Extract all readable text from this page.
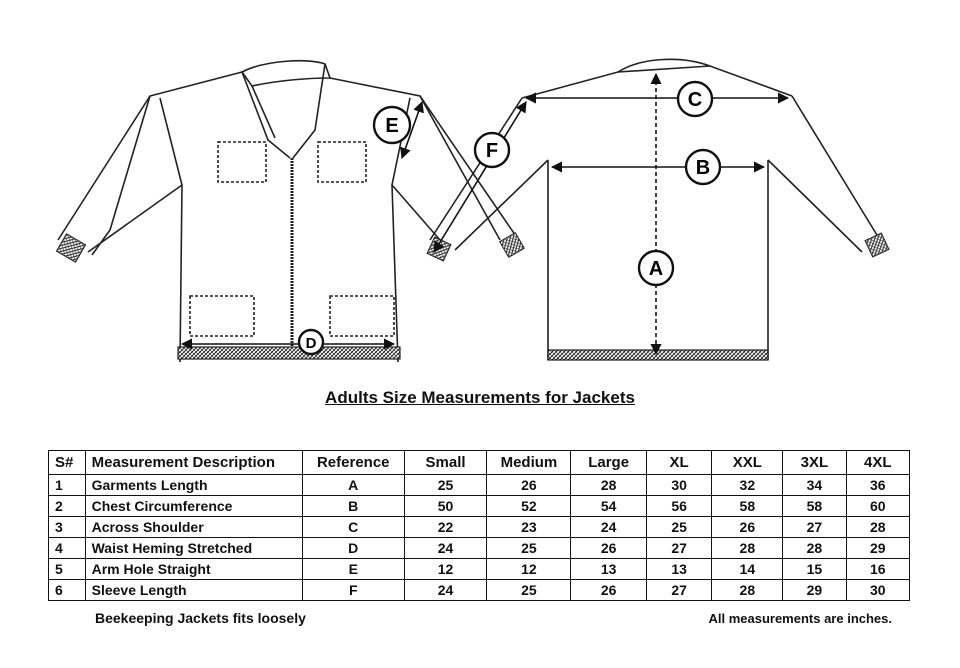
A
B
C
E
F
D
Adults Size Measurements for Jackets
S#	Measurement Description	Reference	Small	Medium	Large	XL	XXL	3XL	4XL
1	Garments Length	A	25	26	28	30	32	34	36
2	Chest Circumference	B	50	52	54	56	58	58	60
3	Across Shoulder	C	22	23	24	25	26	27	28
4	Waist Heming Stretched	D	24	25	26	27	28	28	29
5	Arm Hole Straight	E	12	12	13	13	14	15	16
6	Sleeve Length	F	24	25	26	27	28	29	30
Beekeeping Jackets fits loosely	All measurements are inches.
